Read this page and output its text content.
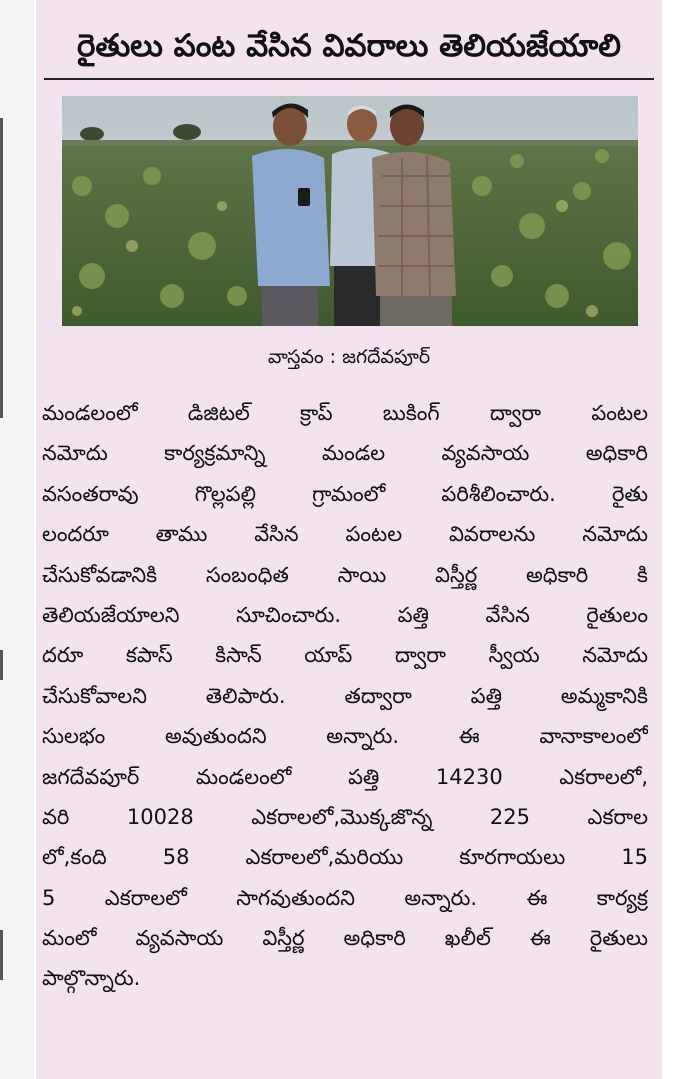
రైతులు పంట వేసిన వివరాలు తెలియజేయాలి
వాస్తవం : జగదేవపూర్
మండలంలో డిజిటల్ క్రాప్ బుకింగ్ ద్వారా పంటల
నమోదు కార్యక్రమాన్ని మండల వ్యవసాయ అధికారి
వసంతరావు గొల్లపల్లి గ్రామంలో పరిశీలించారు. రైతు
లందరూ తాము వేసిన పంటల వివరాలను నమోదు
చేసుకోవడానికి సంబంధిత సాయి విస్తీర్ణ అధికారి కి
తెలియజేయాలని సూచించారు. పత్తి వేసిన రైతులం
దరూ కపాస్ కిసాన్ యాప్ ద్వారా స్వీయ నమోదు
చేసుకోవాలని తెలిపారు. తద్వారా పత్తి అమ్మకానికి
సులభం అవుతుందని అన్నారు. ఈ వానాకాలంలో
జగదేవపూర్ మండలంలో పత్తి 14230 ఎకరాలలో,
వరి 10028 ఎకరాలలో,మొక్కజొన్న 225 ఎకరాల
లో,కంది 58 ఎకరాలలో,మరియు కూరగాయలు 15
5 ఎకరాలలో సాగవుతుందని అన్నారు. ఈ కార్యక్ర
మంలో వ్యవసాయ విస్తీర్ణ అధికారి ఖలీల్ ఈ రైతులు
పాల్గొన్నారు.
